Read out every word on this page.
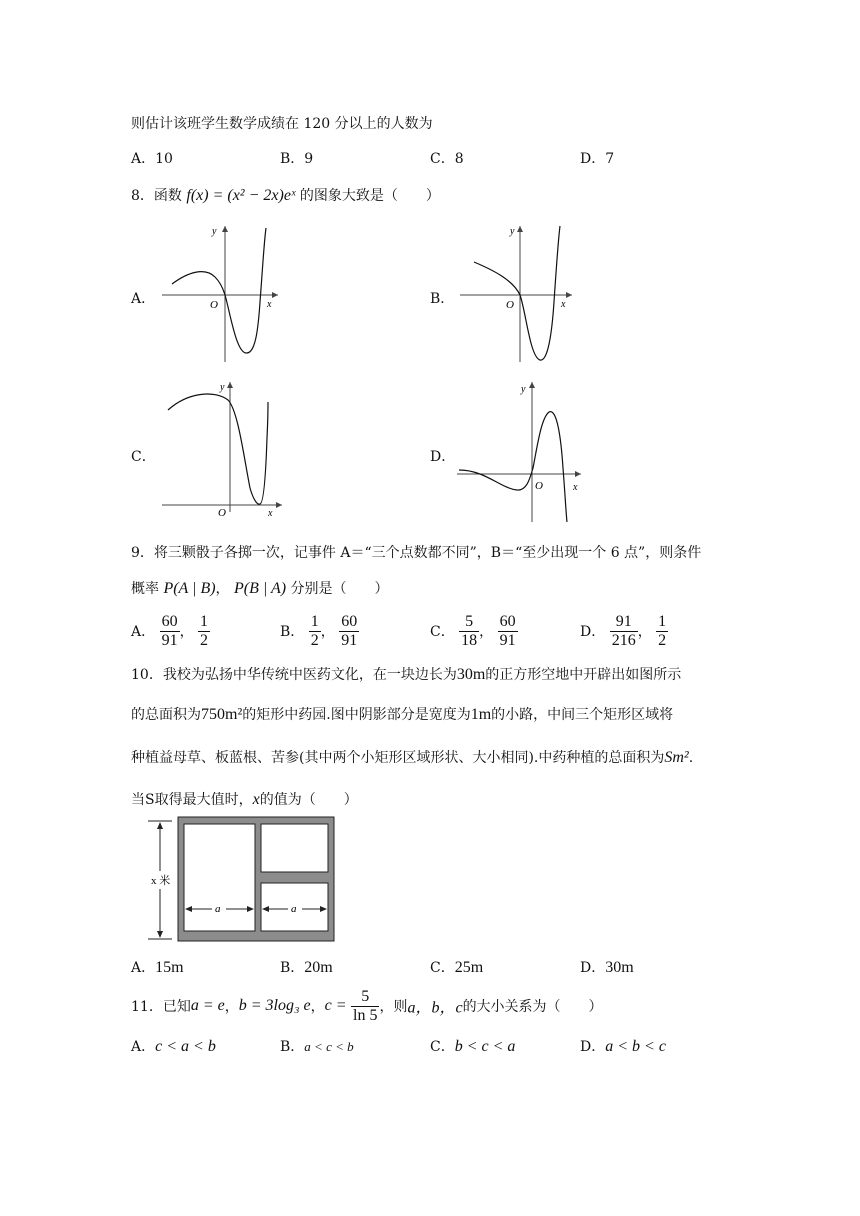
则估计该班学生数学成绩在 120 分以上的人数为
A．10	B．9	C．8	D．7
8．函数 f(x) = (x² − 2x)eˣ 的图象大致是（　　）
A．	B．
C．	D．
y
x
O
y
x
O
y
x
O
y
x
O
9．将三颗骰子各掷一次，记事件 A＝“三个点数都不同”，B＝“至少出现一个 6 点”，则条件
概率 P(A | B)， P(B | A) 分别是（　　）
A． $\frac{60}{91}$ ， $\frac{1}{2}$	B． $\frac{1}{2}$ ， $\frac{60}{91}$	C． $\frac{5}{18}$ ， $\frac{60}{91}$	D． $\frac{91}{216}$ ， $\frac{1}{2}$
10．我校为弘扬中华传统中医药文化，在一块边长为30m的正方形空地中开辟出如图所示
的总面积为750m²的矩形中药园.图中阴影部分是宽度为1m的小路，中间三个矩形区域将
种植益母草、板蓝根、苦参(其中两个小矩形区域形状、大小相同).中药种植的总面积为Sm².
当S取得最大值时，x的值为（　　）
x 米
a	a
A．15m	B．20m	C．25m	D．30m
11．已知a = e，b = 3log₃ e，$c = \frac{5}{\ln 5}$ ，则a，b，c的大小关系为（　　）
A．c < a < b	B．a < c < b	C．b < c < a	D．a < b < c
